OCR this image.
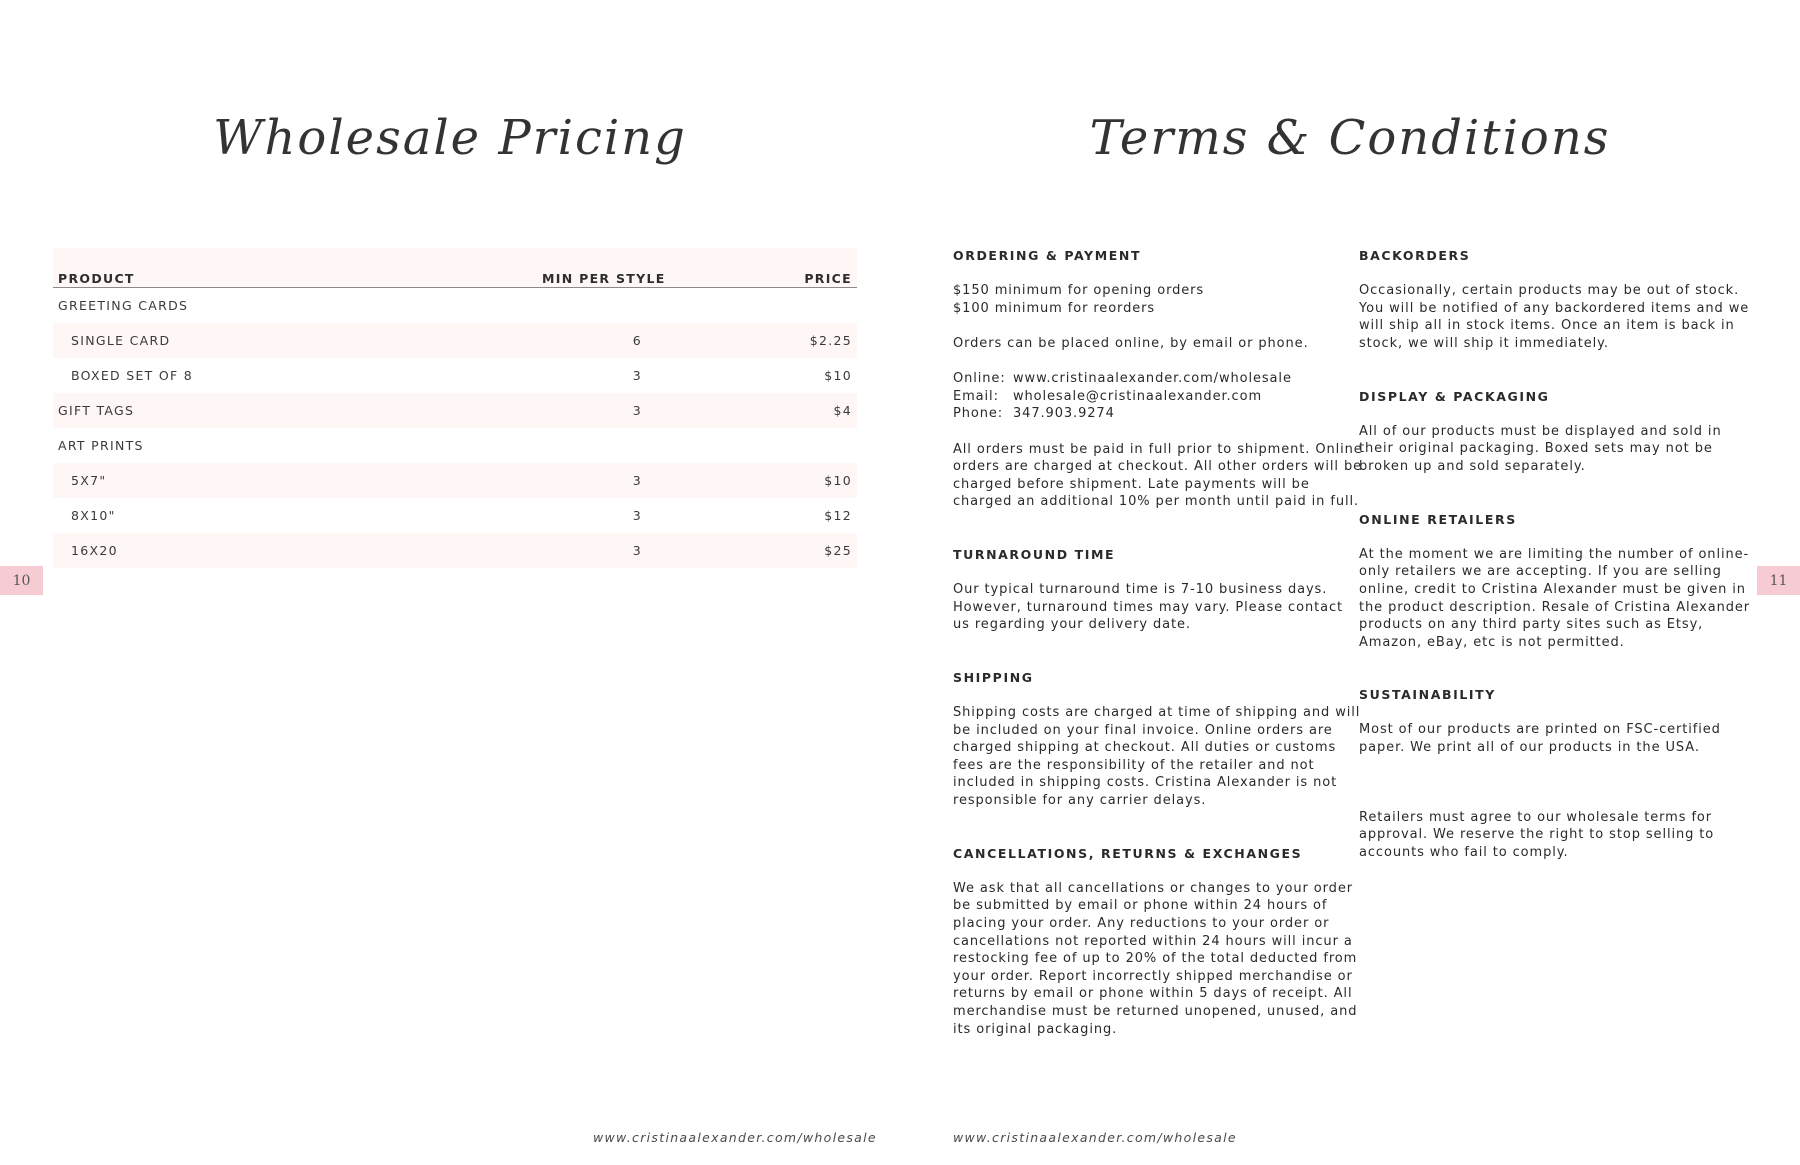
Wholesale Pricing
PRODUCT	MIN PER STYLE	PRICE
GREETING CARDS		
SINGLE CARD	6	$2.25
BOXED SET OF 8	3	$10
GIFT TAGS	3	$4
ART PRINTS		
5X7"	3	$10
8X10"	3	$12
16X20	3	$25
10
www.cristinaalexander.com/wholesale
Terms & Conditions
ORDERING & PAYMENT

$150 minimum for opening orders
$100 minimum for reorders

Orders can be placed online, by email or phone.

Online: www.cristinaalexander.com/wholesale
Email:	wholesale@cristinaalexander.com
Phone: 347.903.9274

All orders must be paid in full prior to shipment. Online orders are charged at checkout. All other orders will be charged before shipment. Late payments will be charged an additional 10% per month until paid in full.

TURNAROUND TIME

Our typical turnaround time is 7-10 business days. However, turnaround times may vary. Please contact us regarding your delivery date.

SHIPPING

Shipping costs are charged at time of shipping and will be included on your final invoice. Online orders are charged shipping at checkout. All duties or customs fees are the responsibility of the retailer and not included in shipping costs. Cristina Alexander is not responsible for any carrier delays.

CANCELLATIONS, RETURNS & EXCHANGES

We ask that all cancellations or changes to your order be submitted by email or phone within 24 hours of placing your order. Any reductions to your order or cancellations not reported within 24 hours will incur a restocking fee of up to 20% of the total deducted from your order. Report incorrectly shipped merchandise or returns by email or phone within 5 days of receipt. All merchandise must be returned unopened, unused, and its original packaging.

BACKORDERS

Occasionally, certain products may be out of stock. You will be notified of any backordered items and we will ship all in stock items. Once an item is back in stock, we will ship it immediately.

DISPLAY & PACKAGING

All of our products must be displayed and sold in their original packaging. Boxed sets may not be broken up and sold separately.

ONLINE RETAILERS

At the moment we are limiting the number of online-only retailers we are accepting. If you are selling online, credit to Cristina Alexander must be given in the product description. Resale of Cristina Alexander products on any third party sites such as Etsy, Amazon, eBay, etc is not permitted.

SUSTAINABILITY

Most of our products are printed on FSC-certified paper. We print all of our products in the USA.

Retailers must agree to our wholesale terms for approval. We reserve the right to stop selling to accounts who fail to comply.

11
www.cristinaalexander.com/wholesale
